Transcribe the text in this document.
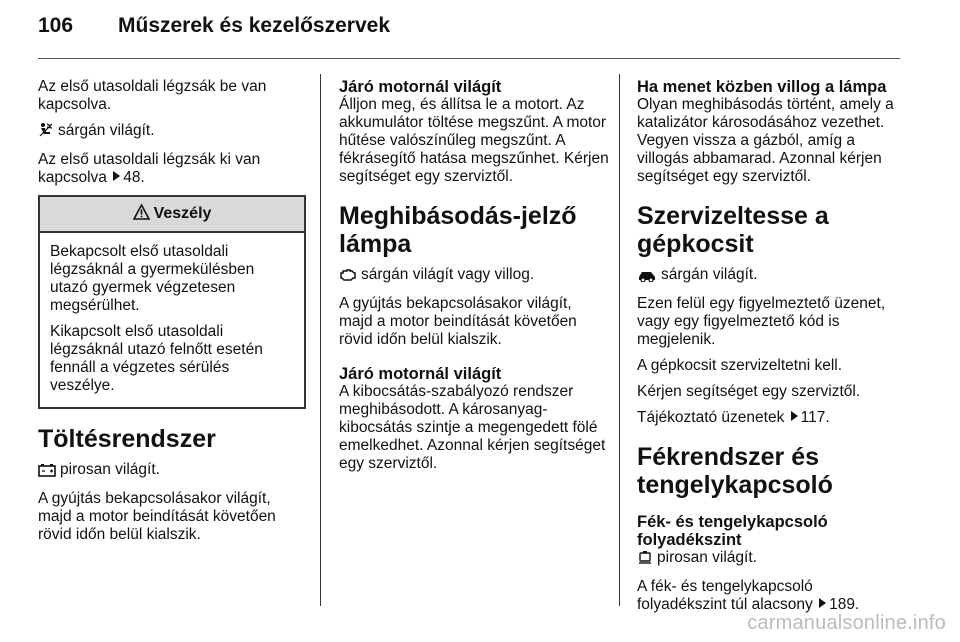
106 Műszerek és kezelőszervek

Az első utasoldali légzsák be van kapcsolva.

sárgán világít.

Az első utasoldali légzsák ki van kapcsolva 48.

Veszély

Bekapcsolt első utasoldali légzsáknál a gyermekülésben utazó gyermek végzetesen megsérülhet.

Kikapcsolt első utasoldali légzsáknál utazó felnőtt esetén fennáll a végzetes sérülés veszélye.

Töltésrendszer

pirosan világít.

A gyújtás bekapcsolásakor világít, majd a motor beindítását követően rövid időn belül kialszik.

Járó motornál világít

Álljon meg, és állítsa le a motort. Az akkumulátor töltése megszűnt. A motor hűtése valószínűleg megszűnt. A fékrásegítő hatása megszűnhet. Kérjen segítséget egy szerviztől.

Meghibásodás-jelző lámpa

sárgán világít vagy villog.

A gyújtás bekapcsolásakor világít, majd a motor beindítását követően rövid időn belül kialszik.

Járó motornál világít

A kibocsátás-szabályozó rendszer meghibásodott. A károsanyag-kibocsátás szintje a megengedett fölé emelkedhet. Azonnal kérjen segítséget egy szerviztől.

Ha menet közben villog a lámpa

Olyan meghibásodás történt, amely a katalizátor károsodásához vezethet. Vegyen vissza a gázból, amíg a villogás abbamarad. Azonnal kérjen segítséget egy szerviztől.

Szervizeltesse a gépkocsit

sárgán világít.

Ezen felül egy figyelmeztető üzenet, vagy egy figyelmeztető kód is megjelenik.

A gépkocsit szervizeltetni kell.

Kérjen segítséget egy szerviztől.

Tájékoztató üzenetek 117.

Fékrendszer és tengelykapcsoló
Fék- és tengelykapcsoló folyadékszint

pirosan világít.

A fék- és tengelykapcsoló folyadékszint túl alacsony 189.

carmanualsonline.info
